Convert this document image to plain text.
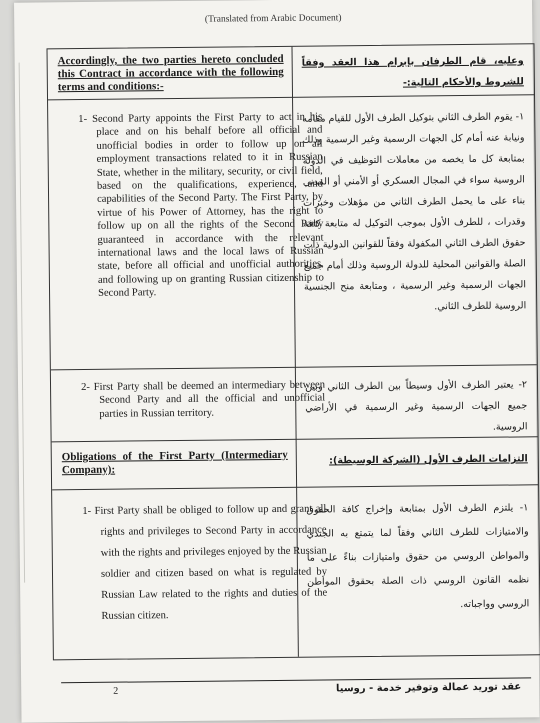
(Translated from Arabic Document)
Accordingly, the two parties hereto concluded this Contract in accordance with the following terms and conditions:-
وعليه، قام الطرفان بإبرام هذا العقد وفقاً للشروط والأحكام التالية:-
1- Second Party appoints the First Party to act in his place and on his behalf before all official and unofficial bodies in order to follow up on all employment transactions related to it in Russian State, whether in the military, security, or civil field, based on the qualifications, experience, and capabilities of the Second Party. The First Party, by virtue of his Power of Attorney, has the right to follow up on all the rights of the Second Party guaranteed in accordance with the relevant international laws and the local laws of Russian state, before all official and unofficial authorities, and following up on granting Russian citizenship to Second Party.
١- يقوم الطرف الثاني بتوكيل الطرف الأول للقيام مقامه ونيابة عنه أمام كل الجهات الرسمية وغير الرسمية وذلك بمتابعة كل ما يخصه من معاملات التوظيف في الدولة الروسية سواء في المجال العسكري أو الأمني أو المدني بناء على ما يحمل الطرف الثاني من مؤهلات وخبرات وقدرات ، للطرف الأول بموجب التوكيل له متابعة كافة حقوق الطرف الثاني المكفولة وفقاً للقوانين الدولية ذات الصلة والقوانين المحلية للدولة الروسية وذلك أمام جميع الجهات الرسمية وغير الرسمية ، ومتابعة منح الجنسية الروسية للطرف الثاني.
2- First Party shall be deemed an intermediary between Second Party and all the official and unofficial parties in Russian territory.
٢- يعتبر الطرف الأول وسيطاً بين الطرف الثاني وبين جميع الجهات الرسمية وغير الرسمية في الأراضي الروسية.
Obligations of the First Party (Intermediary Company):
التزامات الطرف الأول (الشركة الوسيطة):
1- First Party shall be obliged to follow up and grant all rights and privileges to Second Party in accordance with the rights and privileges enjoyed by the Russian soldier and citizen based on what is regulated by Russian Law related to the rights and duties of the Russian citizen.
١- يلتزم الطرف الأول بمتابعة وإخراج كافة الحقوق والامتيازات للطرف الثاني وفقاً لما يتمتع به الجندي والمواطن الروسي من حقوق وامتيازات بناءً على ما نظمه القانون الروسي ذات الصلة بحقوق المواطن الروسي وواجباته.
2	عقد توريد عمالة وتوفير خدمة - روسيا
